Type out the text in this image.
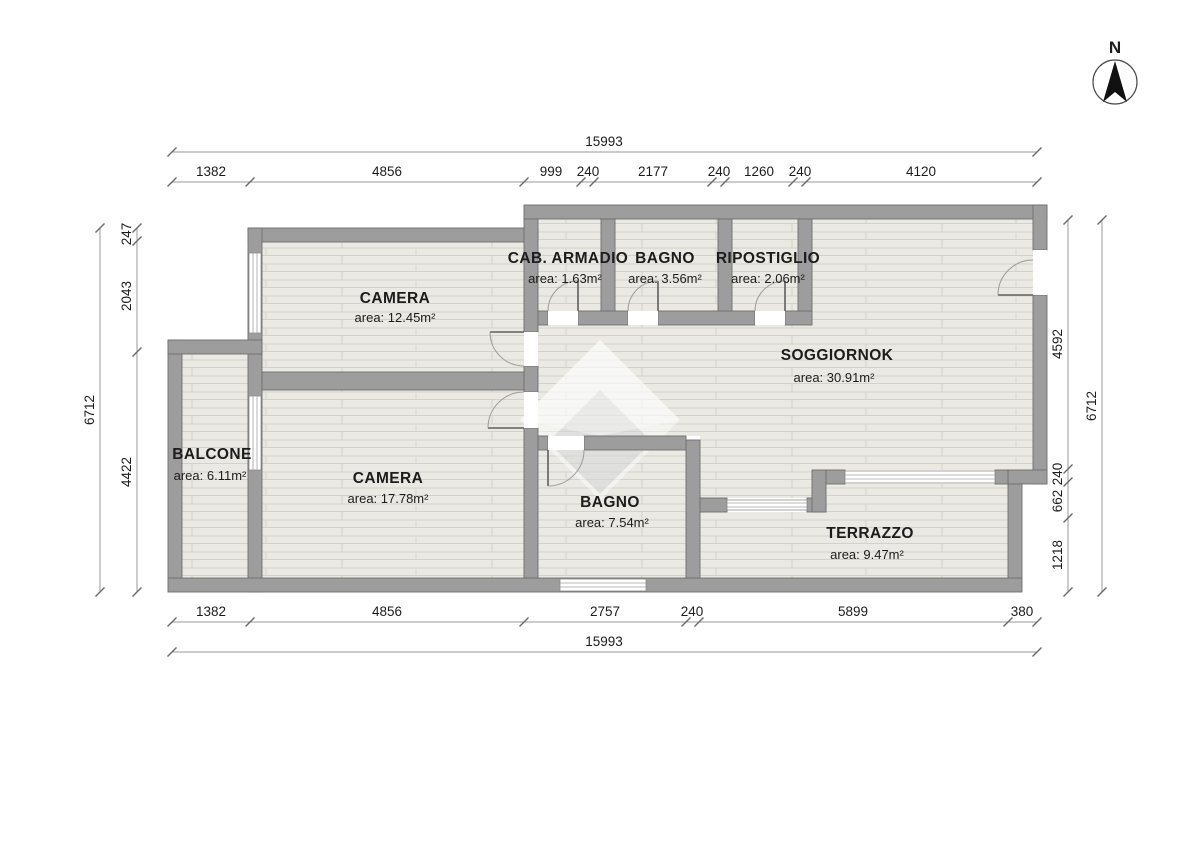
CAMERA
area: 12.45m²
CAB. ARMADIO
area: 1.63m²
BAGNO
area: 3.56m²
RIPOSTIGLIO
area: 2.06m²
SOGGIORNOK
area: 30.91m²
BALCONE
area: 6.11m²	CAMERA
area: 17.78m²	BAGNO
area: 7.54m²
TERRAZZO
area: 9.47m²
15993
1382	4856	999 240	2177	240 1260 240	4120
1382	4856	2757	240	5899	380
15993
6712
247
2043
4422
4592
240
662
1218
6712
N
